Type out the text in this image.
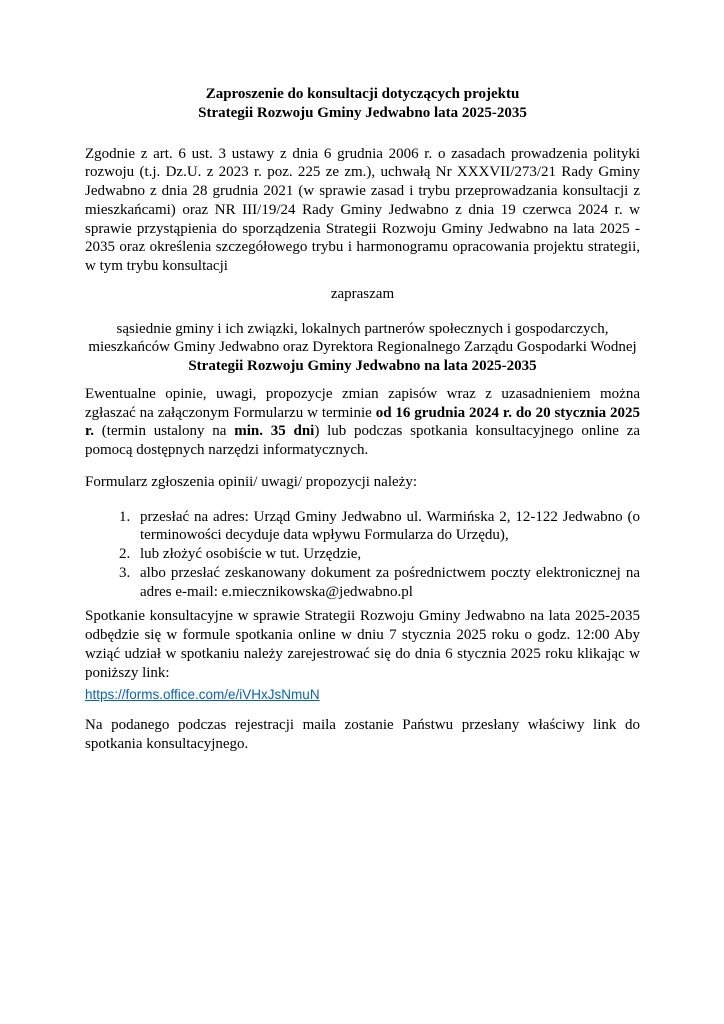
Zaproszenie do konsultacji dotyczących projektu
Strategii Rozwoju Gminy Jedwabno lata 2025-2035

Zgodnie z art. 6 ust. 3 ustawy z dnia 6 grudnia 2006 r. o zasadach prowadzenia polityki rozwoju (t.j. Dz.U. z 2023 r. poz. 225 ze zm.), uchwałą Nr XXXVII/273/21 Rady Gminy Jedwabno z dnia 28 grudnia 2021 (w sprawie zasad i trybu przeprowadzania konsultacji z mieszkańcami) oraz NR III/19/24 Rady Gminy Jedwabno z dnia 19 czerwca 2024 r. w sprawie przystąpienia do sporządzenia Strategii Rozwoju Gminy Jedwabno na lata 2025 - 2035 oraz określenia szczegółowego trybu i harmonogramu opracowania projektu strategii, w tym trybu konsultacji

zapraszam

sąsiednie gminy i ich związki, lokalnych partnerów społecznych i gospodarczych, mieszkańców Gminy Jedwabno oraz Dyrektora Regionalnego Zarządu Gospodarki Wodnej
Strategii Rozwoju Gminy Jedwabno na lata 2025-2035

Ewentualne opinie, uwagi, propozycje zmian zapisów wraz z uzasadnieniem można zgłaszać na załączonym Formularzu w terminie od 16 grudnia 2024 r. do 20 stycznia 2025 r. (termin ustalony na min. 35 dni) lub podczas spotkania konsultacyjnego online za pomocą dostępnych narzędzi informatycznych.

Formularz zgłoszenia opinii/ uwagi/ propozycji należy:

1. przesłać na adres: Urząd Gminy Jedwabno ul. Warmińska 2, 12-122 Jedwabno (o terminowości decyduje data wpływu Formularza do Urzędu),
2. lub złożyć osobiście w tut. Urzędzie,
3. albo przesłać zeskanowany dokument za pośrednictwem poczty elektronicznej na adres e-mail: e.miecznikowska@jedwabno.pl

Spotkanie konsultacyjne w sprawie Strategii Rozwoju Gminy Jedwabno na lata 2025-2035 odbędzie się w formule spotkania online w dniu 7 stycznia 2025 roku o godz. 12:00 Aby wziąć udział w spotkaniu należy zarejestrować się do dnia 6 stycznia 2025 roku klikając w poniższy link:

https://forms.office.com/e/iVHxJsNmuN

Na podanego podczas rejestracji maila zostanie Państwu przesłany właściwy link do spotkania konsultacyjnego.
